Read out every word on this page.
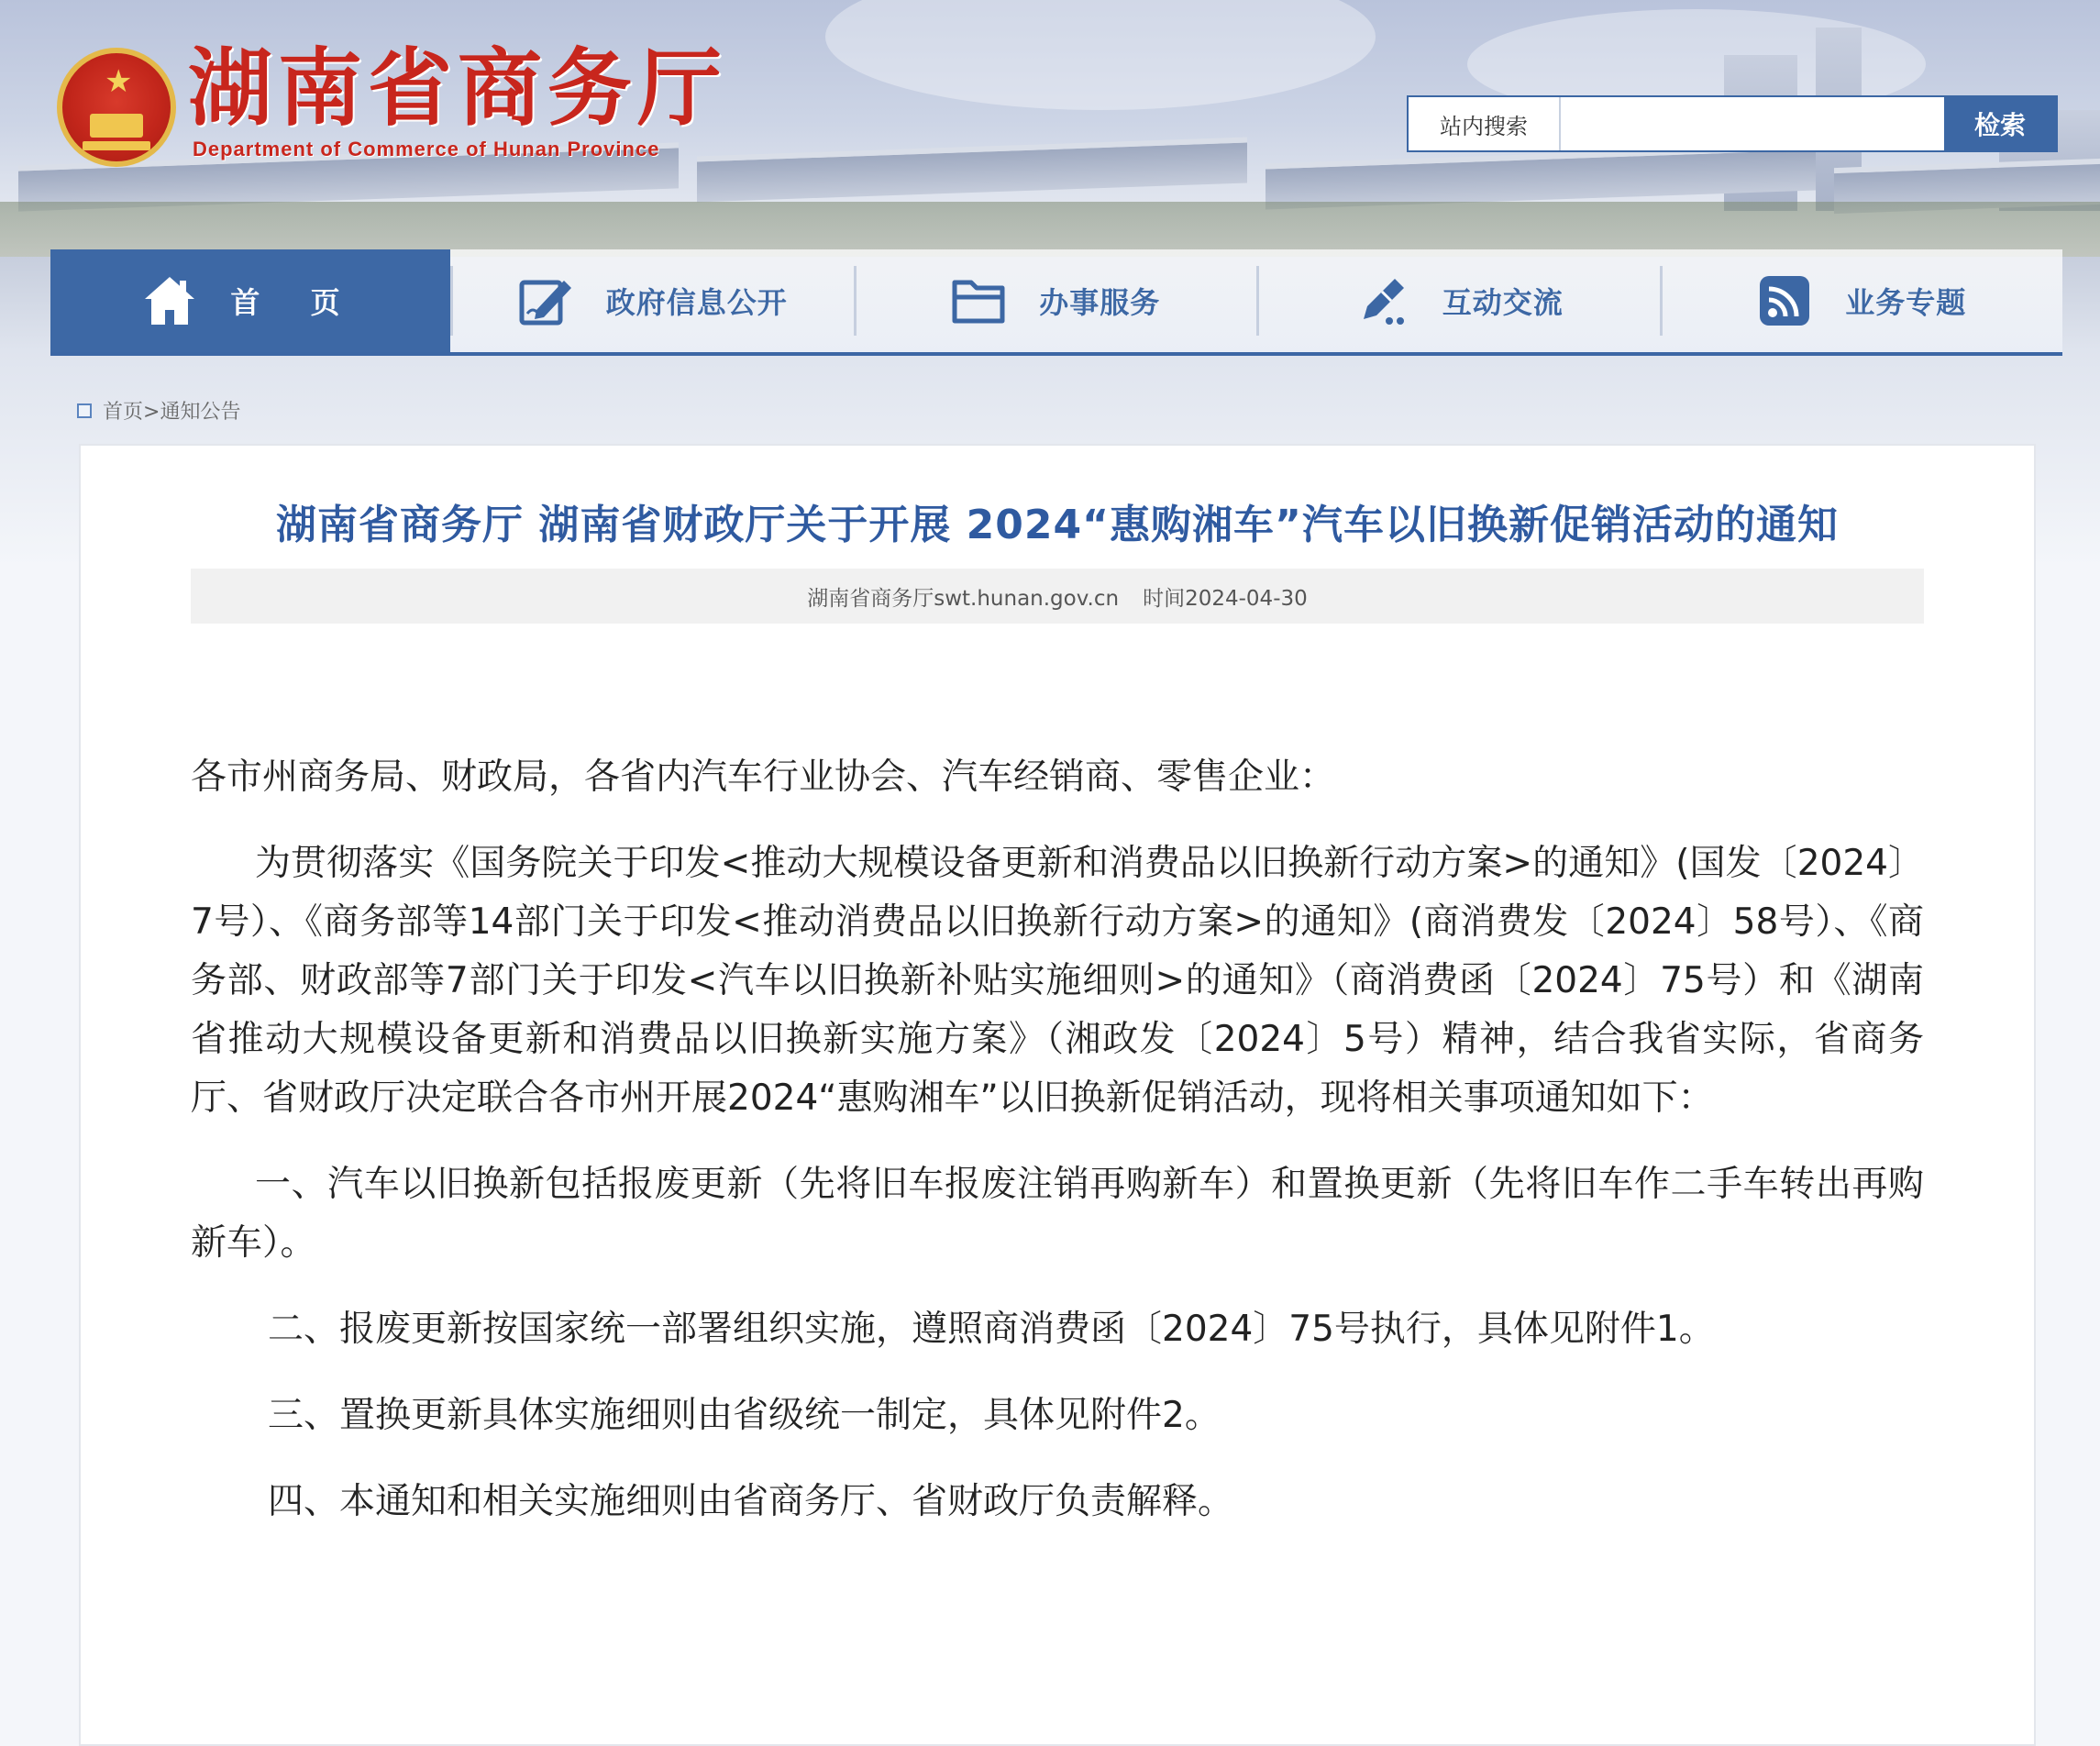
★ 湖南省商务厅
Department of Commerce of Hunan Province
站内搜索	检索
首 页	政府信息公开	办事服务	互动交流	业务专题
首页>通知公告
湖南省商务厅 湖南省财政厅关于开展 2024“惠购湘车”汽车以旧换新促销活动的通知
湖南省商务厅swt.hunan.gov.cn 时间2024-04-30

各市州商务局、财政局，各省内汽车行业协会、汽车经销商、零售企业：

为贯彻落实《国务院关于印发<推动大规模设备更新和消费品以旧换新行动方案>的通知》(国发〔2024〕7号）、《商务部等14部门关于印发<推动消费品以旧换新行动方案>的通知》(商消费发〔2024〕58号）、《商务部、财政部等7部门关于印发<汽车以旧换新补贴实施细则>的通知》（商消费函〔2024〕75号）和《湖南省推动大规模设备更新和消费品以旧换新实施方案》（湘政发〔2024〕5号）精神，结合我省实际，省商务厅、省财政厅决定联合各市州开展2024“惠购湘车”以旧换新促销活动，现将相关事项通知如下：

一、汽车以旧换新包括报废更新（先将旧车报废注销再购新车）和置换更新（先将旧车作二手车转出再购新车）。

二、报废更新按国家统一部署组织实施，遵照商消费函〔2024〕75号执行，具体见附件1。

三、置换更新具体实施细则由省级统一制定，具体见附件2。

四、本通知和相关实施细则由省商务厅、省财政厅负责解释。
